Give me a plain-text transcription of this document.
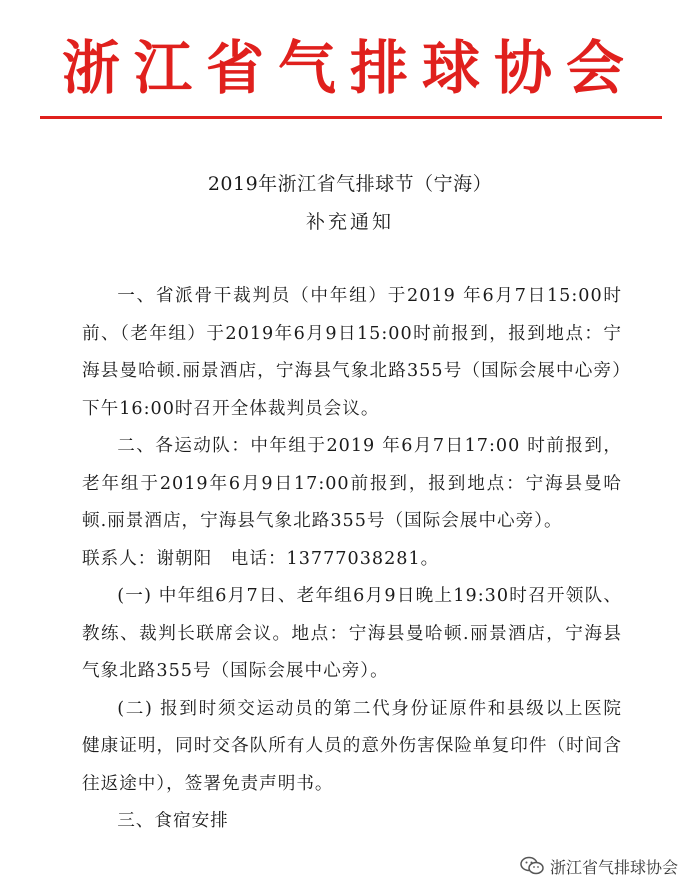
浙江省气排球协会
2019年浙江省气排球节（宁海）
补充通知

一、省派骨干裁判员（中年组）于2019 年6月7日15:00时前、（老年组）于2019年6月9日15:00时前报到，报到地点：宁海县曼哈顿.丽景酒店，宁海县气象北路355号（国际会展中心旁）下午16:00时召开全体裁判员会议。

二、各运动队：中年组于2019 年6月7日17:00 时前报到，老年组于2019年6月9日17:00前报到，报到地点：宁海县曼哈顿.丽景酒店，宁海县气象北路355号（国际会展中心旁）。

联系人：谢朝阳　电话：13777038281。

(一) 中年组6月7日、老年组6月9日晚上19:30时召开领队、教练、裁判长联席会议。地点：宁海县曼哈顿.丽景酒店，宁海县气象北路355号（国际会展中心旁）。

(二) 报到时须交运动员的第二代身份证原件和县级以上医院健康证明，同时交各队所有人员的意外伤害保险单复印件（时间含往返途中），签署免责声明书。

三、食宿安排

浙江省气排球协会
